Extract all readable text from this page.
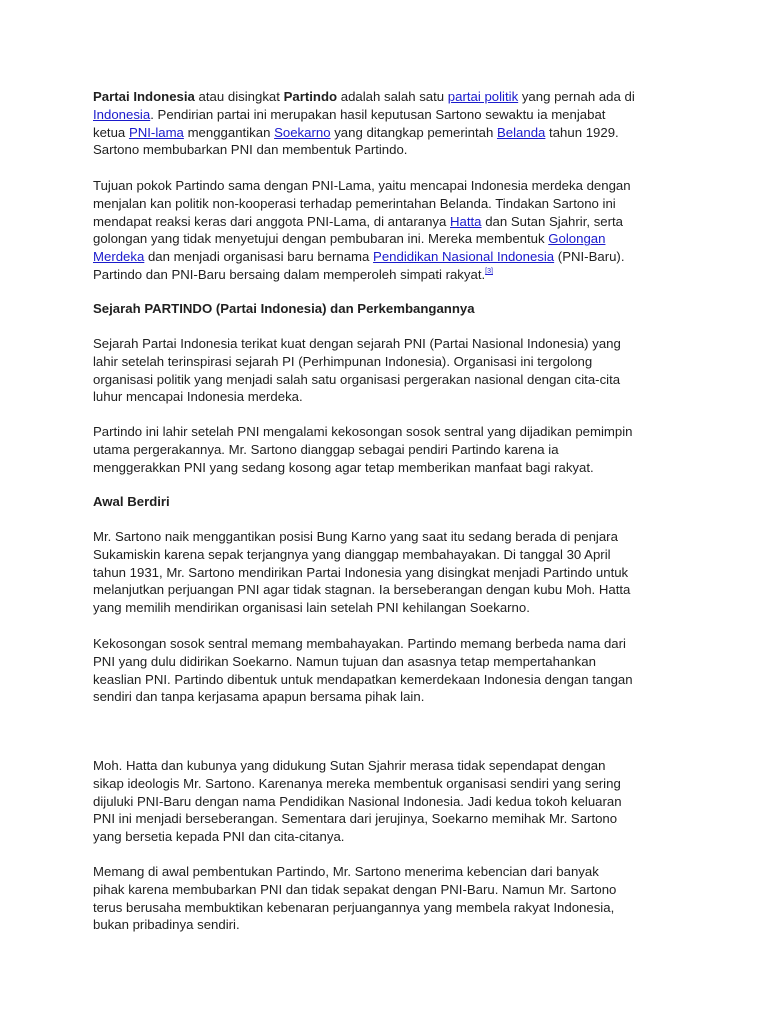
Partai Indonesia atau disingkat Partindo adalah salah satu partai politik yang pernah ada di
Indonesia. Pendirian partai ini merupakan hasil keputusan Sartono sewaktu ia menjabat
ketua PNI-lama menggantikan Soekarno yang ditangkap pemerintah Belanda tahun 1929.
Sartono membubarkan PNI dan membentuk Partindo.
Tujuan pokok Partindo sama dengan PNI-Lama, yaitu mencapai Indonesia merdeka dengan
menjalan kan politik non-kooperasi terhadap pemerintahan Belanda. Tindakan Sartono ini
mendapat reaksi keras dari anggota PNI-Lama, di antaranya Hatta dan Sutan Sjahrir, serta
golongan yang tidak menyetujui dengan pembubaran ini. Mereka membentuk Golongan
Merdeka dan menjadi organisasi baru bernama Pendidikan Nasional Indonesia (PNI-Baru).
Partindo dan PNI-Baru bersaing dalam memperoleh simpati rakyat.[3]
Sejarah PARTINDO (Partai Indonesia) dan Perkembangannya
Sejarah Partai Indonesia terikat kuat dengan sejarah PNI (Partai Nasional Indonesia) yang
lahir setelah terinspirasi sejarah PI (Perhimpunan Indonesia). Organisasi ini tergolong
organisasi politik yang menjadi salah satu organisasi pergerakan nasional dengan cita-cita
luhur mencapai Indonesia merdeka.
Partindo ini lahir setelah PNI mengalami kekosongan sosok sentral yang dijadikan pemimpin
utama pergerakannya. Mr. Sartono dianggap sebagai pendiri Partindo karena ia
menggerakkan PNI yang sedang kosong agar tetap memberikan manfaat bagi rakyat.
Awal Berdiri
Mr. Sartono naik menggantikan posisi Bung Karno yang saat itu sedang berada di penjara
Sukamiskin karena sepak terjangnya yang dianggap membahayakan. Di tanggal 30 April
tahun 1931, Mr. Sartono mendirikan Partai Indonesia yang disingkat menjadi Partindo untuk
melanjutkan perjuangan PNI agar tidak stagnan. Ia berseberangan dengan kubu Moh. Hatta
yang memilih mendirikan organisasi lain setelah PNI kehilangan Soekarno.
Kekosongan sosok sentral memang membahayakan. Partindo memang berbeda nama dari
PNI yang dulu didirikan Soekarno. Namun tujuan dan asasnya tetap mempertahankan
keaslian PNI. Partindo dibentuk untuk mendapatkan kemerdekaan Indonesia dengan tangan
sendiri dan tanpa kerjasama apapun bersama pihak lain.
Moh. Hatta dan kubunya yang didukung Sutan Sjahrir merasa tidak sependapat dengan
sikap ideologis Mr. Sartono. Karenanya mereka membentuk organisasi sendiri yang sering
dijuluki PNI-Baru dengan nama Pendidikan Nasional Indonesia. Jadi kedua tokoh keluaran
PNI ini menjadi berseberangan. Sementara dari jerujinya, Soekarno memihak Mr. Sartono
yang bersetia kepada PNI dan cita-citanya.
Memang di awal pembentukan Partindo, Mr. Sartono menerima kebencian dari banyak
pihak karena membubarkan PNI dan tidak sepakat dengan PNI-Baru. Namun Mr. Sartono
terus berusaha membuktikan kebenaran perjuangannya yang membela rakyat Indonesia,
bukan pribadinya sendiri.
